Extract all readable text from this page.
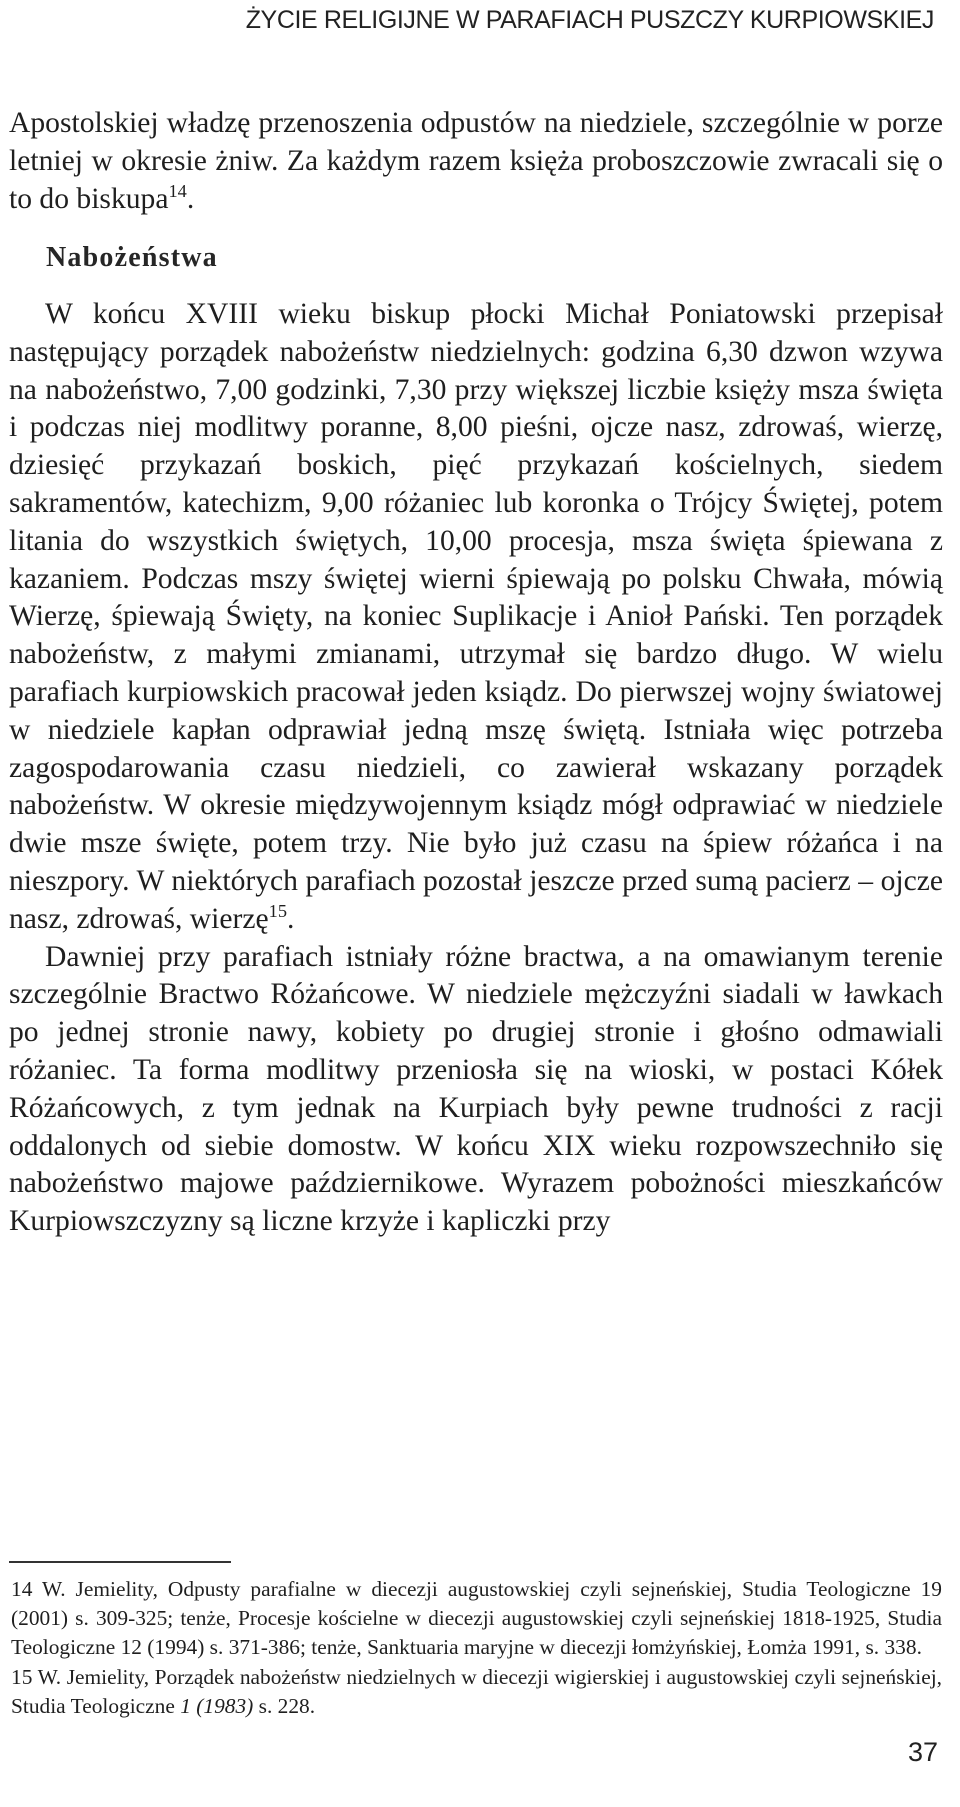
ŻYCIE RELIGIJNE W PARAFIACH PUSZCZY KURPIOWSKIEJ

Apostolskiej władzę przenoszenia odpustów na niedziele, szczególnie w porze letniej w okresie żniw. Za każdym razem księża proboszczowie zwracali się o to do biskupa$^{14}$.

Nabożeństwa

W końcu XVIII wieku biskup płocki Michał Poniatowski przepisał następujący porządek nabożeństw niedzielnych: godzina 6,30 dzwon wzywa na nabożeństwo, 7,00 godzinki, 7,30 przy większej liczbie księży msza święta i podczas niej modlitwy poranne, 8,00 pieśni, ojcze nasz, zdrowaś, wierzę, dziesięć przykazań boskich, pięć przykazań kościelnych, siedem sakramentów, katechizm, 9,00 różaniec lub koronka o Trójcy Świętej, potem litania do wszystkich świętych, 10,00 procesja, msza święta śpiewana z kazaniem. Podczas mszy świętej wierni śpiewają po polsku Chwała, mówią Wierzę, śpiewają Święty, na koniec Suplikacje i Anioł Pański. Ten porządek nabożeństw, z małymi zmianami, utrzymał się bardzo długo. W wielu parafiach kurpiowskich pracował jeden ksiądz. Do pierwszej wojny światowej w niedziele kapłan odprawiał jedną mszę świętą. Istniała więc potrzeba zagospodarowania czasu niedzieli, co zawierał wskazany porządek nabożeństw. W okresie międzywojennym ksiądz mógł odprawiać w niedziele dwie msze święte, potem trzy. Nie było już czasu na śpiew różańca i na nieszpory. W niektórych parafiach pozostał jeszcze przed sumą pacierz – ojcze nasz, zdrowaś, wierzę$^{15}$.

Dawniej przy parafiach istniały różne bractwa, a na omawianym terenie szczególnie Bractwo Różańcowe. W niedziele mężczyźni siadali w ławkach po jednej stronie nawy, kobiety po drugiej stronie i głośno odmawiali różaniec. Ta forma modlitwy przeniosła się na wioski, w postaci Kółek Różańcowych, z tym jednak na Kurpiach były pewne trudności z racji oddalonych od siebie domostw. W końcu XIX wieku rozpowszechniło się nabożeństwo majowe październikowe. Wyrazem pobożności mieszkańców Kurpiowszczyzny są liczne krzyże i kapliczki przy

14 W. Jemielity, Odpusty parafialne w diecezji augustowskiej czyli sejneńskiej, Studia Teologiczne 19 (2001) s. 309-325; tenże, Procesje kościelne w diecezji augustowskiej czyli sejneńskiej 1818-1925, Studia Teologiczne 12 (1994) s. 371-386; tenże, Sanktuaria maryjne w diecezji łomżyńskiej, Łomża 1991, s. 338.

15 W. Jemielity, Porządek nabożeństw niedzielnych w diecezji wigierskiej i augustowskiej czyli sejneńskiej, Studia Teologiczne 1 (1983) s. 228.

37
